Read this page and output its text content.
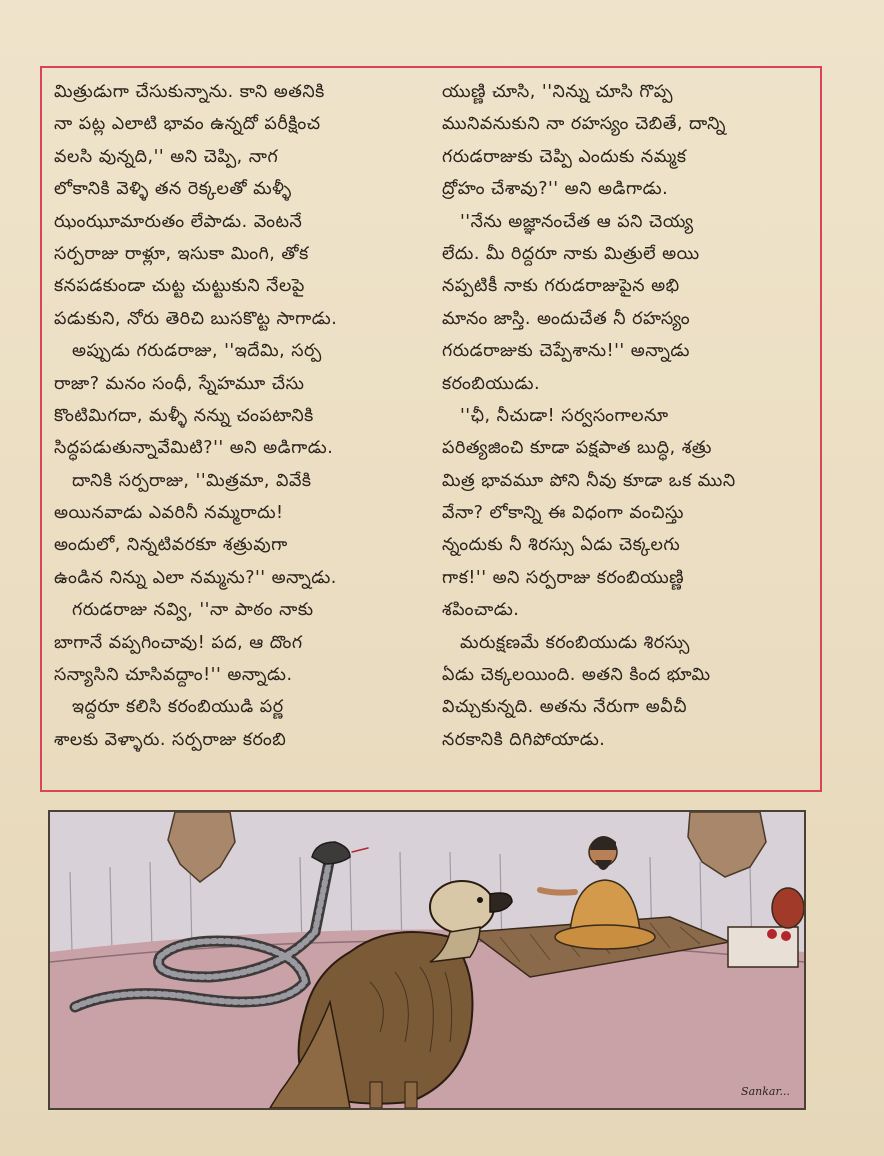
మిత్రుడుగా చేసుకున్నాను. కాని అతనికి
నా పట్ల ఎలాటి భావం ఉన్నదో పరీక్షించ
వలసి వున్నది,'' అని చెప్పి, నాగ
లోకానికి వెళ్ళి తన రెక్కలతో మళ్ళీ
ఝంఝూమారుతం లేపాడు. వెంటనే
సర్పరాజు రాళ్లూ, ఇసుకా మింగి, తోక
కనపడకుండా చుట్ట చుట్టుకుని నేలపై
పడుకుని, నోరు తెరిచి బుసకొట్ట సాగాడు.
అప్పుడు గరుడరాజు, ''ఇదేమి, సర్ప
రాజా? మనం సంధీ, స్నేహమూ చేసు
కొంటిమిగదా, మళ్ళీ నన్ను చంపటానికి
సిద్ధపడుతున్నావేమిటి?'' అని అడిగాడు.
దానికి సర్పరాజు, ''మిత్రమా, వివేకి
అయినవాడు ఎవరినీ నమ్మరాదు!
అందులో, నిన్నటివరకూ శత్రువుగా
ఉండిన నిన్ను ఎలా నమ్మను?'' అన్నాడు.
గరుడరాజు నవ్వి, ''నా పాఠం నాకు
బాగానే వప్పగించావు! పద, ఆ దొంగ
సన్యాసిని చూసివద్దాం!'' అన్నాడు.
ఇద్దరూ కలిసి కరంబియుడి పర్ణ
శాలకు వెళ్ళారు. సర్పరాజు కరంబి
యుణ్ణి చూసి, ''నిన్ను చూసి గొప్ప
మునివనుకుని నా రహస్యం చెబితే, దాన్ని
గరుడరాజుకు చెప్పి ఎందుకు నమ్మక
ద్రోహం చేశావు?'' అని అడిగాడు.
''నేను అజ్ఞానంచేత ఆ పని చెయ్య
లేదు. మీ రిద్దరూ నాకు మిత్రులే అయి
నప్పటికీ నాకు గరుడరాజుపైన అభి
మానం జాస్తి. అందుచేత నీ రహస్యం
గరుడరాజుకు చెప్పేశాను!'' అన్నాడు
కరంబియుడు.
''ఛీ, నీచుడా! సర్వసంగాలనూ
పరిత్యజించి కూడా పక్షపాత బుద్ధి, శత్రు
మిత్ర భావమూ పోని నీవు కూడా ఒక ముని
వేనా? లోకాన్ని ఈ విధంగా వంచిస్తు
న్నందుకు నీ శిరస్సు ఏడు చెక్కలగు
గాక!'' అని సర్పరాజు కరంబియుణ్ణి
శపించాడు.
మరుక్షణమే కరంబియుడు శిరస్సు
ఏడు చెక్కలయింది. అతని కింద భూమి
విచ్చుకున్నది. అతను నేరుగా అవీచీ
నరకానికి దిగిపోయాడు.
Sankar...
